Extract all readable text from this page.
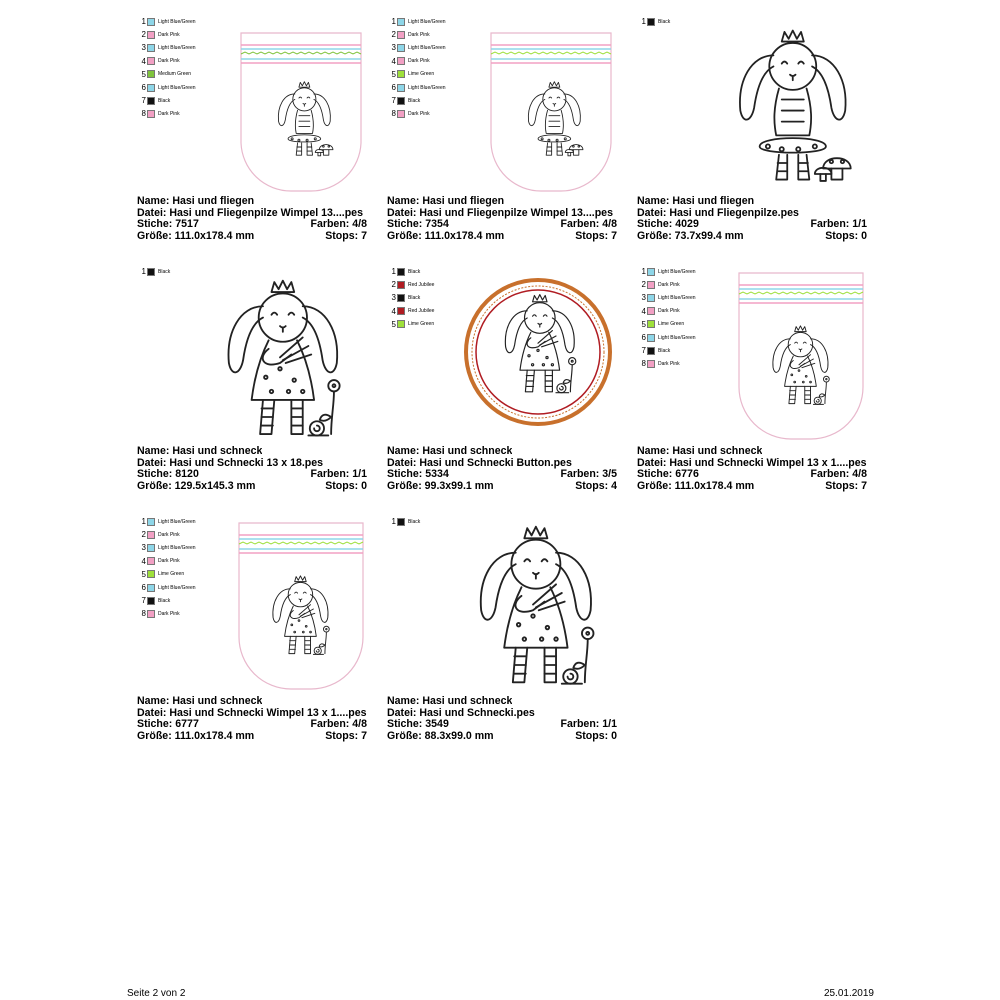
1 Light Blue/Green
2 Dark Pink
3 Light Blue/Green
4 Dark Pink
5 Medium Green
6 Light Blue/Green
7 Black
8 Dark Pink
Name: Hasi und fliegen
Datei: Hasi und Fliegenpilze Wimpel 13....pes
Stiche: 7517	Farben: 4/8
Größe: 111.0x178.4 mm	Stops: 7
1 Light Blue/Green
2 Dark Pink
3 Light Blue/Green
4 Dark Pink
5 Lime Green
6 Light Blue/Green
7 Black
8 Dark Pink
Name: Hasi und fliegen
Datei: Hasi und Fliegenpilze Wimpel 13....pes
Stiche: 7354	Farben: 4/8
Größe: 111.0x178.4 mm	Stops: 7
1 Black
Name: Hasi und fliegen
Datei: Hasi und Fliegenpilze.pes
Stiche: 4029	Farben: 1/1
Größe: 73.7x99.4 mm	Stops: 0
1 Black
Name: Hasi und schneck
Datei: Hasi und Schnecki 13 x 18.pes
Stiche: 8120	Farben: 1/1
Größe: 129.5x145.3 mm	Stops: 0
1 Black
2 Red Jubilee
3 Black
4 Red Jubilee
5 Lime Green
Name: Hasi und schneck
Datei: Hasi und Schnecki Button.pes
Stiche: 5334	Farben: 3/5
Größe: 99.3x99.1 mm	Stops: 4
1 Light Blue/Green
2 Dark Pink
3 Light Blue/Green
4 Dark Pink
5 Lime Green
6 Light Blue/Green
7 Black
8 Dark Pink
Name: Hasi und schneck
Datei: Hasi und Schnecki Wimpel 13 x 1....pes
Stiche: 6776	Farben: 4/8
Größe: 111.0x178.4 mm	Stops: 7
1 Light Blue/Green
2 Dark Pink
3 Light Blue/Green
4 Dark Pink
5 Lime Green
6 Light Blue/Green
7 Black
8 Dark Pink
Name: Hasi und schneck
Datei: Hasi und Schnecki Wimpel 13 x 1....pes
Stiche: 6777	Farben: 4/8
Größe: 111.0x178.4 mm	Stops: 7
1 Black
Name: Hasi und schneck
Datei: Hasi und Schnecki.pes
Stiche: 3549	Farben: 1/1
Größe: 88.3x99.0 mm	Stops: 0
Seite 2 von 2	25.01.2019
